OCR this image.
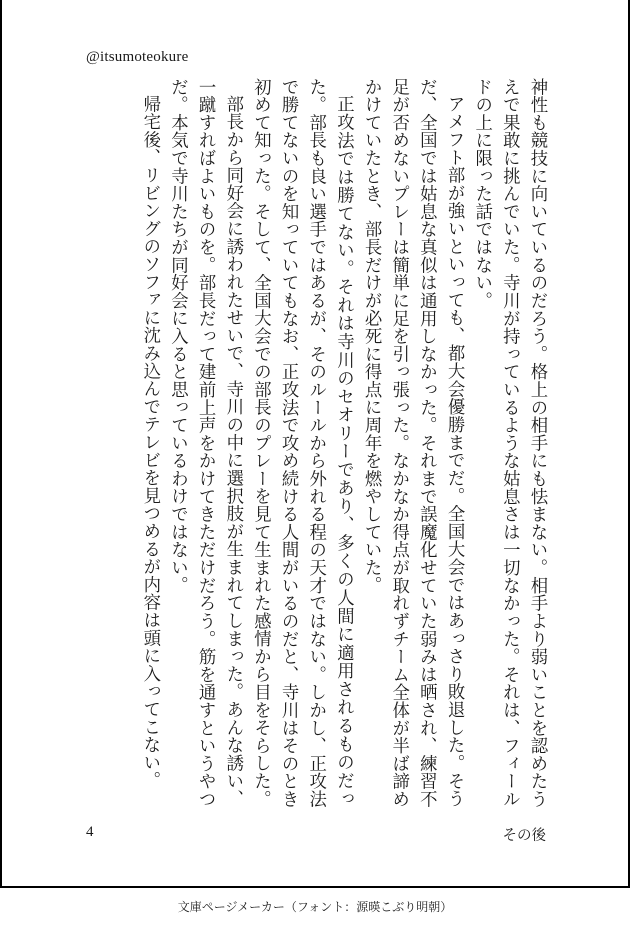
@itsumoteokure

神性も競技に向いているのだろう。格上の相手にも怯まない。相手より弱いことを認めたうえで果敢に挑んでいた。寺川が持っているような姑息さは一切なかった。それは、フィールドの上に限った話ではない。

アメフト部が強いといっても、都大会優勝までだ。全国大会ではあっさり敗退した。そうだ、全国では姑息な真似は通用しなかった。それまで誤魔化せていた弱みは晒され、練習不足が否めないプレーは簡単に足を引っ張った。なかなか得点が取れずチーム全体が半ば諦めかけていたとき、部長だけが必死に得点に周年を燃やしていた。

正攻法では勝てない。それは寺川のセオリーであり、多くの人間に適用されるものだった。部長も良い選手ではあるが、そのルールから外れる程の天才ではない。しかし、正攻法で勝てないのを知っていてもなお、正攻法で攻め続ける人間がいるのだと、寺川はそのとき初めて知った。そして、全国大会での部長のプレーを見て生まれた感情から目をそらした。

部長から同好会に誘われたせいで、寺川の中に選択肢が生まれてしまった。あんな誘い、一蹴すればよいものを。部長だって建前上声をかけてきただけだろう。筋を通すというやつだ。本気で寺川たちが同好会に入ると思っているわけではない。

帰宅後、リビングのソファに沈み込んでテレビを見つめるが内容は頭に入ってこない。

4	その後
文庫ページメーカー（フォント：源暎こぶり明朝）
